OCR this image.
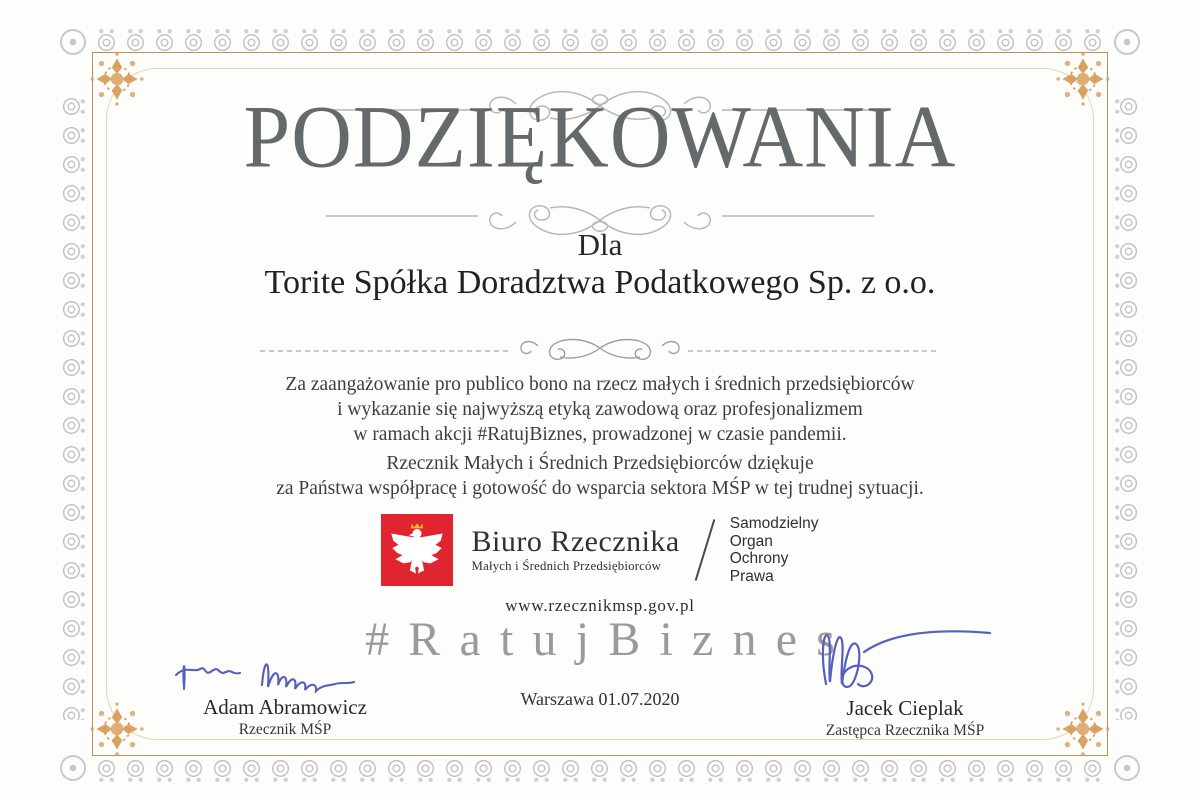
PODZIĘKOWANIA
Dla
Torite Spółka Doradztwa Podatkowego Sp. z o.o.
Za zaangażowanie pro publico bono na rzecz małych i średnich przedsiębiorców
i wykazanie się najwyższą etyką zawodową oraz profesjonalizmem
w ramach akcji #RatujBiznes, prowadzonej w czasie pandemii.
Rzecznik Małych i Średnich Przedsiębiorców dziękuje
za Państwa współpracę i gotowość do wsparcia sektora MŚP w tej trudnej sytuacji.
Biuro Rzecznika
Małych i Średnich Przedsiębiorców
Samodzielny
Organ
Ochrony
Prawa
www.rzecznikmsp.gov.pl
#RatujBiznes
Adam Abramowicz
Rzecznik MŚP
Jacek Cieplak
Zastępca Rzecznika MŚP
Warszawa 01.07.2020
